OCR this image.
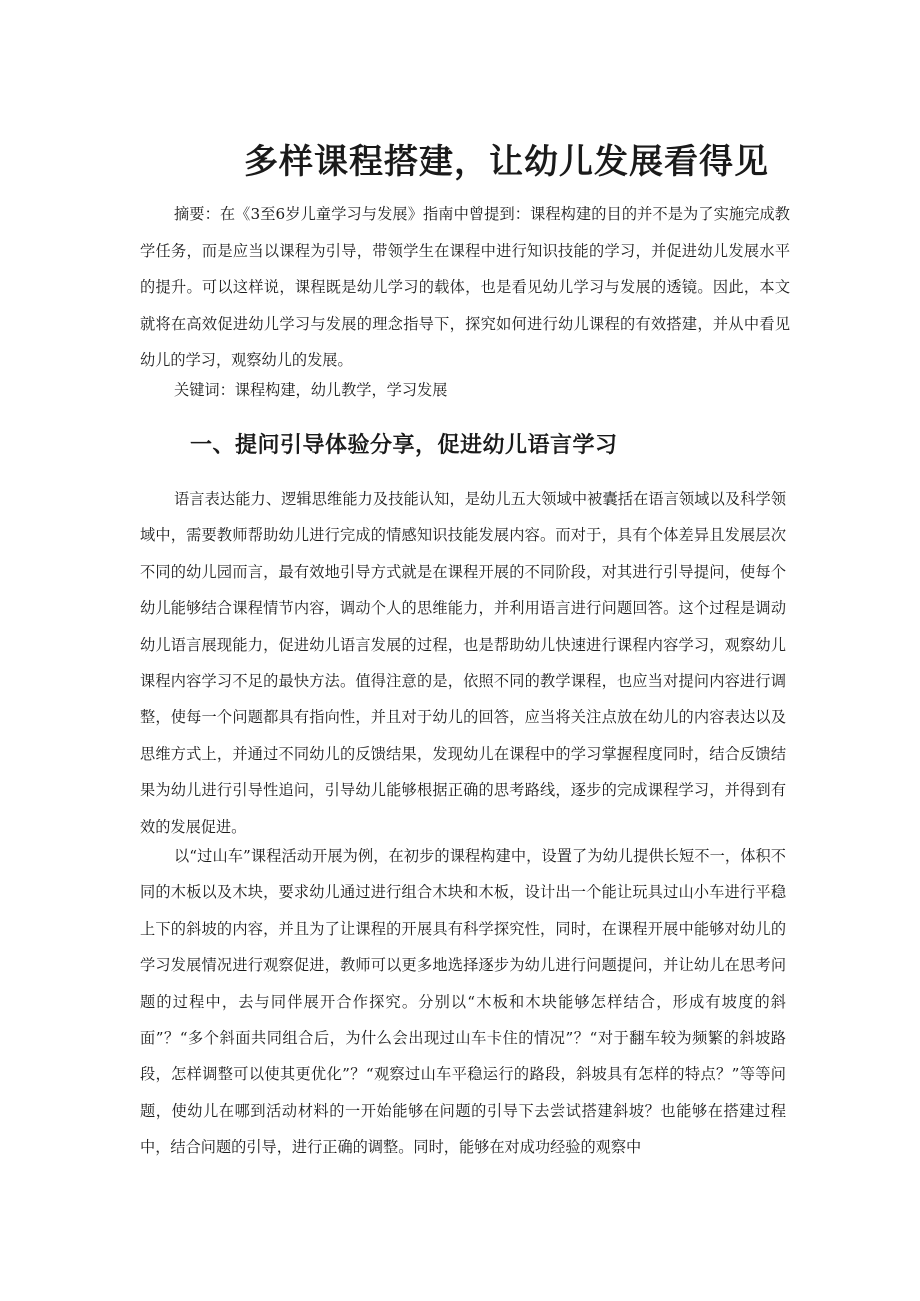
多样课程搭建，让幼儿发展看得见

摘要：在《3至6岁儿童学习与发展》指南中曾提到：课程构建的目的并不是为了实施完成教学任务，而是应当以课程为引导，带领学生在课程中进行知识技能的学习，并促进幼儿发展水平的提升。可以这样说，课程既是幼儿学习的载体，也是看见幼儿学习与发展的透镜。因此，本文就将在高效促进幼儿学习与发展的理念指导下，探究如何进行幼儿课程的有效搭建，并从中看见幼儿的学习，观察幼儿的发展。

关键词：课程构建，幼儿教学，学习发展

一、提问引导体验分享，促进幼儿语言学习

语言表达能力、逻辑思维能力及技能认知，是幼儿五大领域中被囊括在语言领域以及科学领域中，需要教师帮助幼儿进行完成的情感知识技能发展内容。而对于，具有个体差异且发展层次不同的幼儿园而言，最有效地引导方式就是在课程开展的不同阶段，对其进行引导提问，使每个幼儿能够结合课程情节内容，调动个人的思维能力，并利用语言进行问题回答。这个过程是调动幼儿语言展现能力，促进幼儿语言发展的过程，也是帮助幼儿快速进行课程内容学习，观察幼儿课程内容学习不足的最快方法。值得注意的是，依照不同的教学课程，也应当对提问内容进行调整，使每一个问题都具有指向性，并且对于幼儿的回答，应当将关注点放在幼儿的内容表达以及思维方式上，并通过不同幼儿的反馈结果，发现幼儿在课程中的学习掌握程度同时，结合反馈结果为幼儿进行引导性追问，引导幼儿能够根据正确的思考路线，逐步的完成课程学习，并得到有效的发展促进。

以“过山车”课程活动开展为例，在初步的课程构建中，设置了为幼儿提供长短不一，体积不同的木板以及木块，要求幼儿通过进行组合木块和木板，设计出一个能让玩具过山小车进行平稳上下的斜坡的内容，并且为了让课程的开展具有科学探究性，同时，在课程开展中能够对幼儿的学习发展情况进行观察促进，教师可以更多地选择逐步为幼儿进行问题提问，并让幼儿在思考问题的过程中，去与同伴展开合作探究。分别以“木板和木块能够怎样结合，形成有坡度的斜面”？“多个斜面共同组合后，为什么会出现过山车卡住的情况”？“对于翻车较为频繁的斜坡路段，怎样调整可以使其更优化”？“观察过山车平稳运行的路段，斜坡具有怎样的特点？”等等问题，使幼儿在哪到活动材料的一开始能够在问题的引导下去尝试搭建斜坡？也能够在搭建过程中，结合问题的引导，进行正确的调整。同时，能够在对成功经验的观察中
